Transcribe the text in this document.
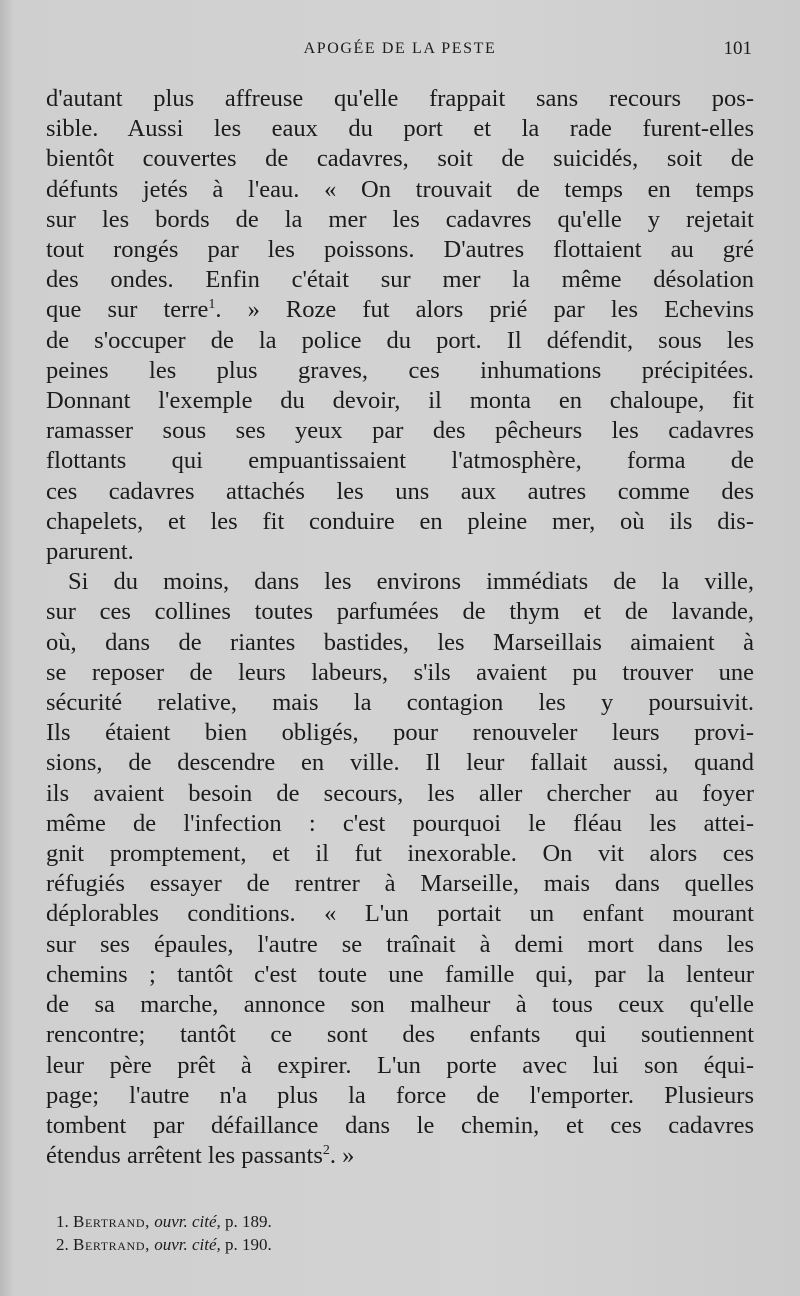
APOGÉE DE LA PESTE	101
d'autant plus affreuse qu'elle frappait sans recours pos-
sible. Aussi les eaux du port et la rade furent-elles
bientôt couvertes de cadavres, soit de suicidés, soit de
défunts jetés à l'eau. « On trouvait de temps en temps
sur les bords de la mer les cadavres qu'elle y rejetait
tout rongés par les poissons. D'autres flottaient au gré
des ondes. Enfin c'était sur mer la même désolation
que sur terre$^1$. » Roze fut alors prié par les Echevins
de s'occuper de la police du port. Il défendit, sous les
peines les plus graves, ces inhumations précipitées.
Donnant l'exemple du devoir, il monta en chaloupe, fit
ramasser sous ses yeux par des pêcheurs les cadavres
flottants qui empuantissaient l'atmosphère, forma de
ces cadavres attachés les uns aux autres comme des
chapelets, et les fit conduire en pleine mer, où ils dis-
parurent.
Si du moins, dans les environs immédiats de la ville,
sur ces collines toutes parfumées de thym et de lavande,
où, dans de riantes bastides, les Marseillais aimaient à
se reposer de leurs labeurs, s'ils avaient pu trouver une
sécurité relative, mais la contagion les y poursuivit.
Ils étaient bien obligés, pour renouveler leurs provi-
sions, de descendre en ville. Il leur fallait aussi, quand
ils avaient besoin de secours, les aller chercher au foyer
même de l'infection : c'est pourquoi le fléau les attei-
gnit promptement, et il fut inexorable. On vit alors ces
réfugiés essayer de rentrer à Marseille, mais dans quelles
déplorables conditions. « L'un portait un enfant mourant
sur ses épaules, l'autre se traînait à demi mort dans les
chemins ; tantôt c'est toute une famille qui, par la lenteur
de sa marche, annonce son malheur à tous ceux qu'elle
rencontre; tantôt ce sont des enfants qui soutiennent
leur père prêt à expirer. L'un porte avec lui son équi-
page; l'autre n'a plus la force de l'emporter. Plusieurs
tombent par défaillance dans le chemin, et ces cadavres
étendus arrêtent les passants$^2$. »
1. Bertrand, ouvr. cité, p. 189.
2. Bertrand, ouvr. cité, p. 190.
